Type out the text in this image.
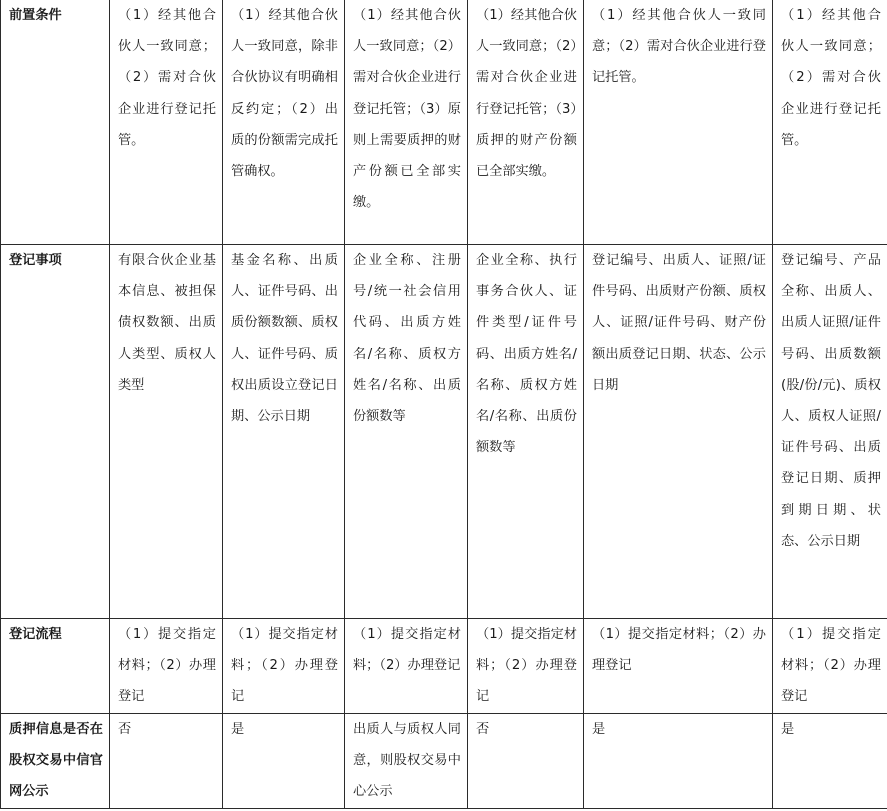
前置条件	（1）经其他合伙人一致同意；（2）需对合伙企业进行登记托管。	（1）经其他合伙人一致同意，除非合伙协议有明确相反约定；（2）出质的份额需完成托管确权。	（1）经其他合伙人一致同意；（2）需对合伙企业进行登记托管；（3）原则上需要质押的财产份额已全部实缴。	（1）经其他合伙人一致同意；（2）需对合伙企业进行登记托管；（3）质押的财产份额已全部实缴。	（1）经其他合伙人一致同意；（2）需对合伙企业进行登记托管。	（1）经其他合伙人一致同意；（2）需对合伙企业进行登记托管。
登记事项	有限合伙企业基本信息、被担保债权数额、出质人类型、质权人类型	基金名称、出质人、证件号码、出质份额数额、质权人、证件号码、质权出质设立登记日期、公示日期	企业全称、注册号/统一社会信用代码、出质方姓名/名称、质权方姓名/名称、出质份额数等	企业全称、执行事务合伙人、证件类型/证件号码、出质方姓名/名称、质权方姓名/名称、出质份额数等	登记编号、出质人、证照/证件号码、出质财产份额、质权人、证照/证件号码、财产份额出质登记日期、状态、公示日期	登记编号、产品全称、出质人、出质人证照/证件号码、出质数额(股/份/元)、质权人、质权人证照/证件号码、出质登记日期、质押到期日期、状态、公示日期
登记流程	（1）提交指定材料；（2）办理登记	（1）提交指定材料；（2）办理登记	（1）提交指定材料；（2）办理登记	（1）提交指定材料；（2）办理登记	（1）提交指定材料；（2）办理登记	（1）提交指定材料；（2）办理登记
质押信息是否在股权交易中信官网公示	否	是	出质人与质权人同意，则股权交易中心公示	否	是	是
